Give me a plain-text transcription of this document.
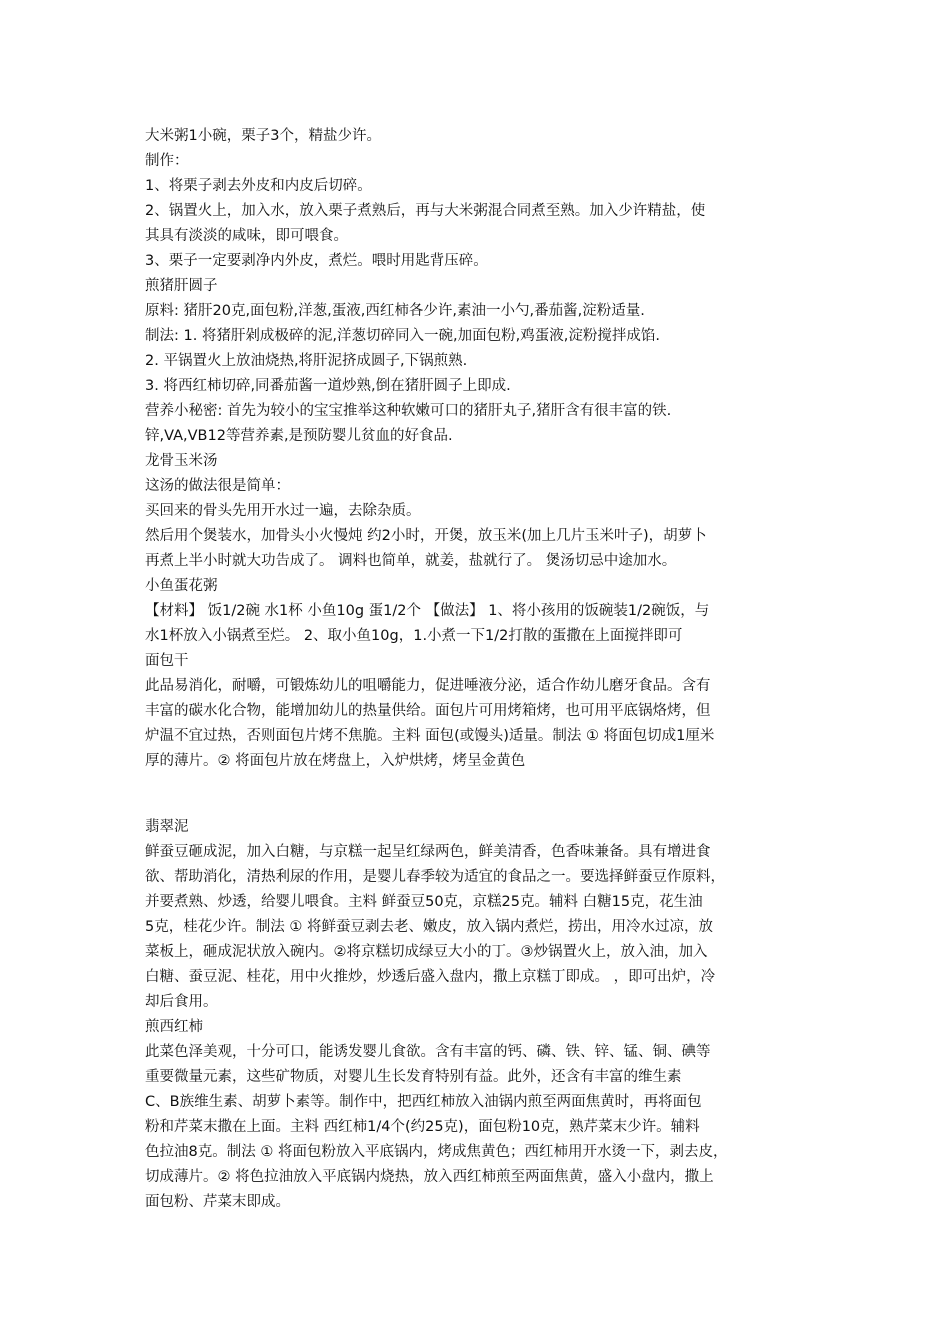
大米粥1小碗，栗子3个，精盐少许。
制作：
1、将栗子剥去外皮和内皮后切碎。
2、锅置火上，加入水，放入栗子煮熟后，再与大米粥混合同煮至熟。加入少许精盐，使
其具有淡淡的咸味，即可喂食。
3、栗子一定要剥净内外皮，煮烂。喂时用匙背压碎。
煎猪肝圆子
原料: 猪肝20克,面包粉,洋葱,蛋液,西红柿各少许,素油一小勺,番茄酱,淀粉适量.
制法: 1. 将猪肝剁成极碎的泥,洋葱切碎同入一碗,加面包粉,鸡蛋液,淀粉搅拌成馅.
2. 平锅置火上放油烧热,将肝泥挤成圆子,下锅煎熟.
3. 将西红柿切碎,同番茄酱一道炒熟,倒在猪肝圆子上即成.
营养小秘密: 首先为较小的宝宝推举这种软嫩可口的猪肝丸子,猪肝含有很丰富的铁.
锌,VA,VB12等营养素,是预防婴儿贫血的好食品.
龙骨玉米汤
这汤的做法很是简单：
买回来的骨头先用开水过一遍，去除杂质。
然后用个煲装水，加骨头小火慢炖 约2小时，开煲，放玉米(加上几片玉米叶子)，胡萝卜
再煮上半小时就大功告成了。 调料也简单，就姜，盐就行了。 煲汤切忌中途加水。
小鱼蛋花粥
【材料】 饭1/2碗 水1杯 小鱼10g 蛋1/2个 【做法】 1、将小孩用的饭碗装1/2碗饭，与
水1杯放入小锅煮至烂。 2、取小鱼10g，1.小煮一下1/2打散的蛋撒在上面搅拌即可
面包干
此品易消化，耐嚼，可锻炼幼儿的咀嚼能力，促进唾液分泌，适合作幼儿磨牙食品。含有
丰富的碳水化合物，能增加幼儿的热量供给。面包片可用烤箱烤，也可用平底锅烙烤，但
炉温不宜过热，否则面包片烤不焦脆。主料 面包(或馒头)适量。制法 ① 将面包切成1厘米
厚的薄片。② 将面包片放在烤盘上，入炉烘烤，烤呈金黄色
翡翠泥
鲜蚕豆砸成泥，加入白糖，与京糕一起呈红绿两色，鲜美清香，色香味兼备。具有增进食
欲、帮助消化，清热利尿的作用，是婴儿春季较为适宜的食品之一。要选择鲜蚕豆作原料，
并要煮熟、炒透，给婴儿喂食。主料 鲜蚕豆50克，京糕25克。辅料 白糖15克，花生油
5克，桂花少许。制法 ① 将鲜蚕豆剥去老、嫩皮，放入锅内煮烂，捞出，用冷水过凉，放
菜板上，砸成泥状放入碗内。②将京糕切成绿豆大小的丁。③炒锅置火上，放入油，加入
白糖、蚕豆泥、桂花，用中火推炒，炒透后盛入盘内，撒上京糕丁即成。 ，即可出炉，冷
却后食用。
煎西红柿
此菜色泽美观，十分可口，能诱发婴儿食欲。含有丰富的钙、磷、铁、锌、锰、铜、碘等
重要微量元素，这些矿物质，对婴儿生长发育特别有益。此外，还含有丰富的维生素
C、B族维生素、胡萝卜素等。制作中，把西红柿放入油锅内煎至两面焦黄时，再将面包
粉和芹菜末撒在上面。主料 西红柿1/4个(约25克)，面包粉10克，熟芹菜末少许。辅料
色拉油8克。制法 ① 将面包粉放入平底锅内，烤成焦黄色；西红柿用开水烫一下，剥去皮，
切成薄片。② 将色拉油放入平底锅内烧热，放入西红柿煎至两面焦黄，盛入小盘内，撒上
面包粉、芹菜末即成。
